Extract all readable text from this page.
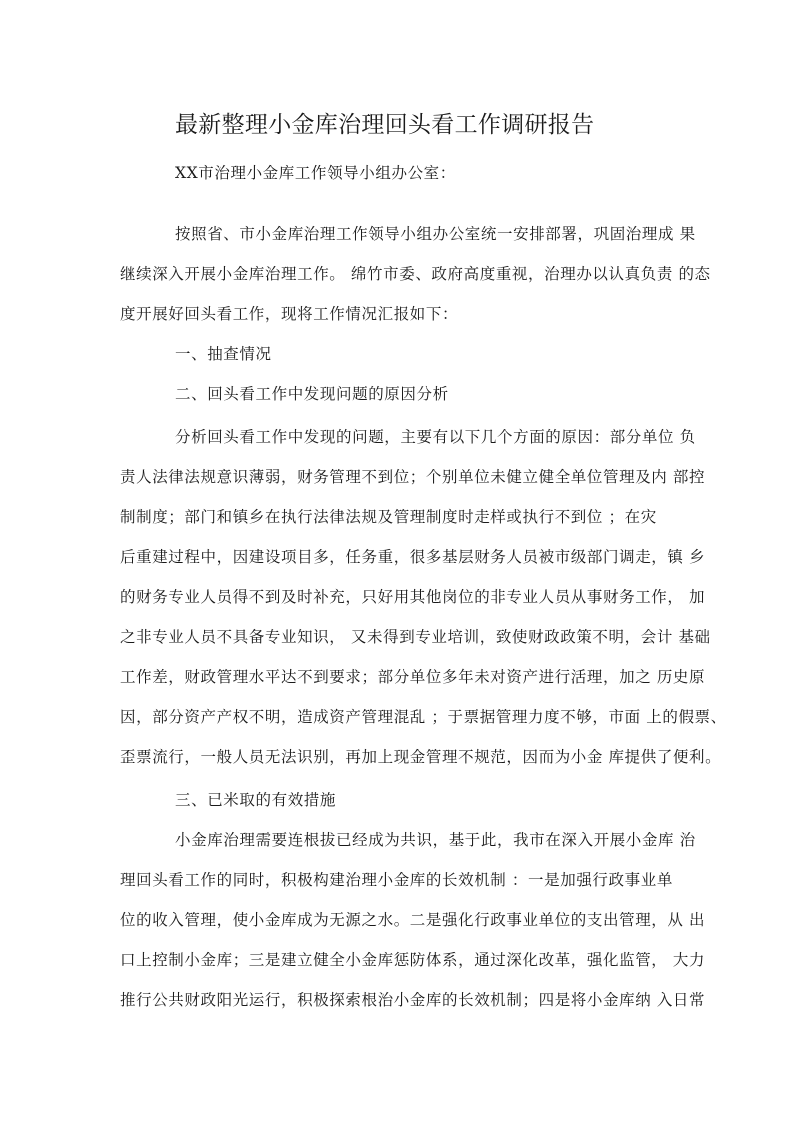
最新整理小金库治理回头看工作调研报告
XX市治理小金库工作领导小组办公室：
按照省、市小金库治理工作领导小组办公室统一安排部署，巩固治理成 果
继续深入开展小金库治理工作。 绵竹市委、政府高度重视，治理办以认真负责 的态
度开展好回头看工作，现将工作情况汇报如下：
一、抽查情况
二、回头看工作中发现问题的原因分析
分析回头看工作中发现的问题，主要有以下几个方面的原因：部分单位 负
责人法律法规意识薄弱，财务管理不到位；个别单位未健立健全单位管理及内 部控
制制度；部门和镇乡在执行法律法规及管理制度时走样或执行不到位 ；在灾
后重建过程中，因建设项目多，任务重，很多基层财务人员被市级部门调走，镇 乡
的财务专业人员得不到及时补充，只好用其他岗位的非专业人员从事财务工作， 加
之非专业人员不具备专业知识， 又未得到专业培训，致使财政政策不明，会计 基础
工作差，财政管理水平达不到要求；部分单位多年未对资产进行活理，加之 历史原
因，部分资产产权不明，造成资产管理混乱 ；于票据管理力度不够，市面 上的假票、
歪票流行，一般人员无法识别，再加上现金管理不规范，因而为小金 库提供了便利。
三、已米取的有效措施
小金库治理需要连根拔已经成为共识，基于此，我市在深入开展小金库 治
理回头看工作的同时，积极构建治理小金库的长效机制 ：一是加强行政事业单
位的收入管理，使小金库成为无源之水。二是强化行政事业单位的支出管理，从 出
口上控制小金库；三是建立健全小金库惩防体系，通过深化改革，强化监管， 大力
推行公共财政阳光运行，积极探索根治小金库的长效机制；四是将小金库纳 入日常
